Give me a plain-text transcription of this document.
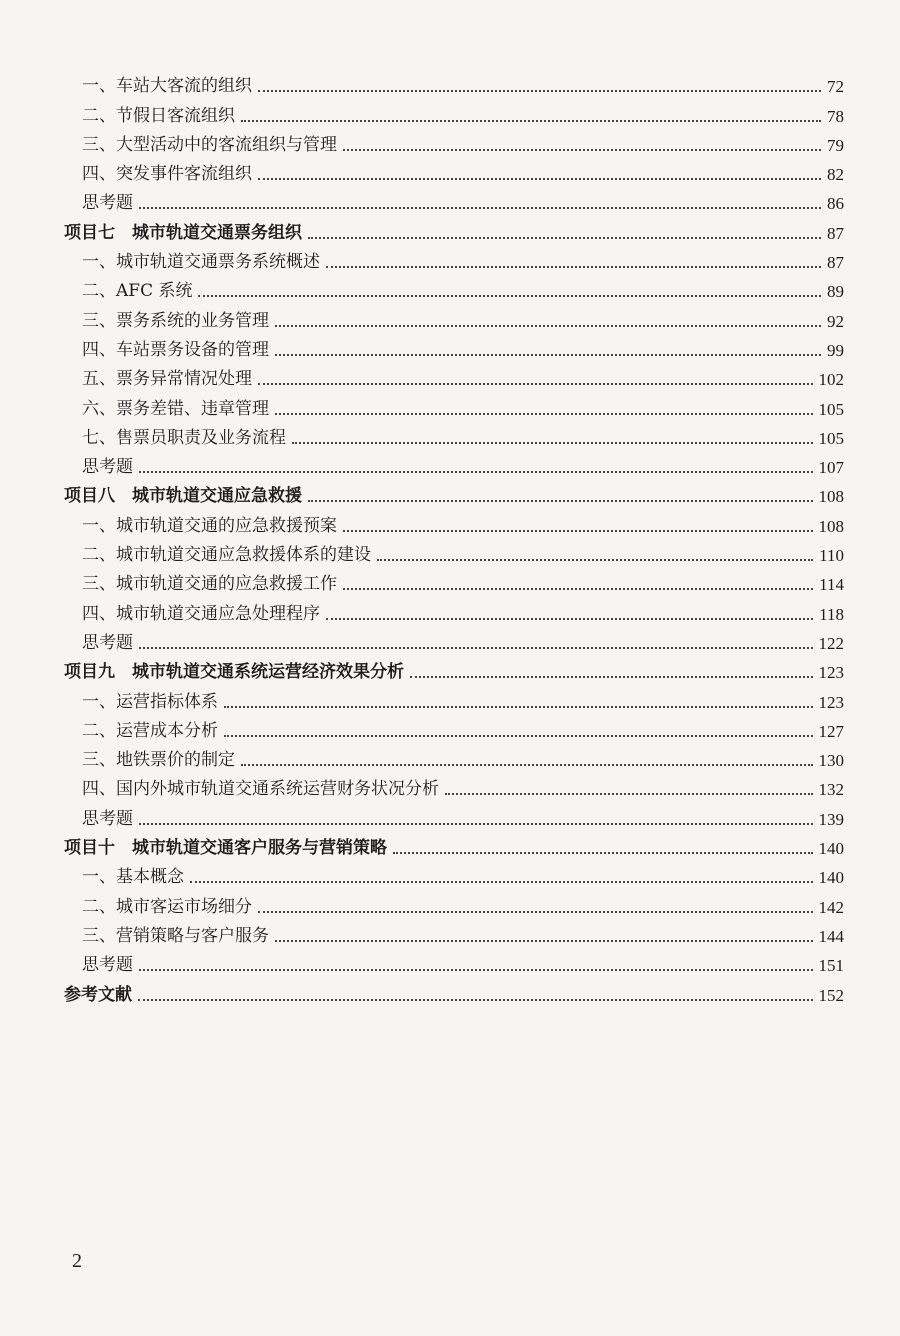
一、车站大客流的组织	72
二、节假日客流组织	78
三、大型活动中的客流组织与管理	79
四、突发事件客流组织	82
思考题	86
项目七　城市轨道交通票务组织	87
一、城市轨道交通票务系统概述	87
二、AFC 系统	89
三、票务系统的业务管理	92
四、车站票务设备的管理	99
五、票务异常情况处理	102
六、票务差错、违章管理	105
七、售票员职责及业务流程	105
思考题	107
项目八　城市轨道交通应急救援	108
一、城市轨道交通的应急救援预案	108
二、城市轨道交通应急救援体系的建设	110
三、城市轨道交通的应急救援工作	114
四、城市轨道交通应急处理程序	118
思考题	122
项目九　城市轨道交通系统运营经济效果分析	123
一、运营指标体系	123
二、运营成本分析	127
三、地铁票价的制定	130
四、国内外城市轨道交通系统运营财务状况分析	132
思考题	139
项目十　城市轨道交通客户服务与营销策略	140
一、基本概念	140
二、城市客运市场细分	142
三、营销策略与客户服务	144
思考题	151
参考文献	152
2
